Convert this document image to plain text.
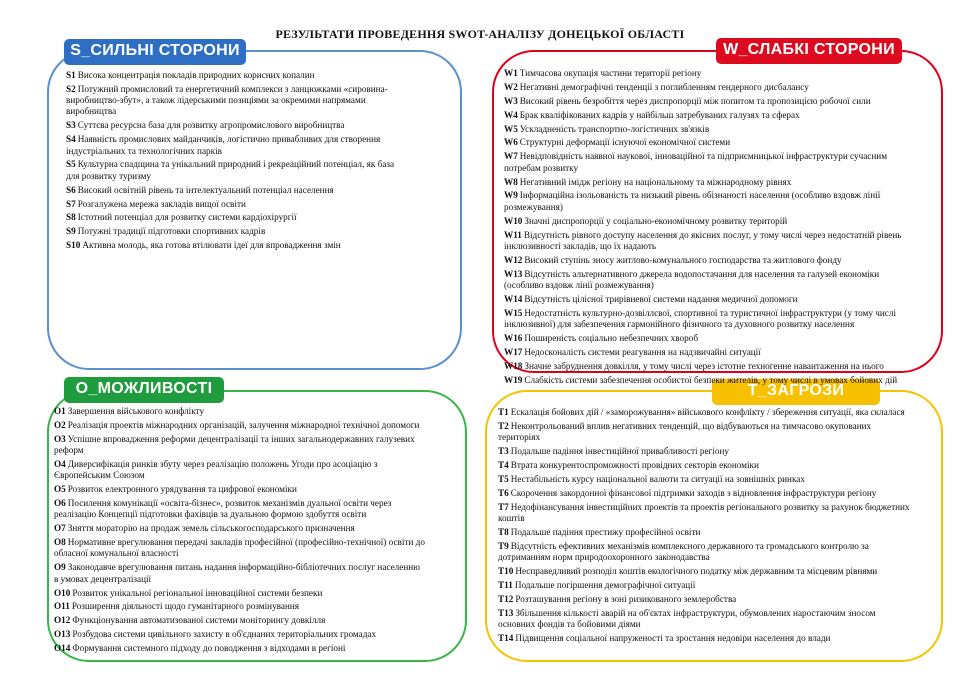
РЕЗУЛЬТАТИ ПРОВЕДЕННЯ SWOT-АНАЛІЗУ ДОНЕЦЬКОЇ ОБЛАСТІ
S_СИЛЬНІ СТОРОНИ	W_СЛАБКІ СТОРОНИ
O_МОЖЛИВОСТІ	T_ЗАГРОЗИ
S1 Висока концентрація покладів природних корисних копалин
S2 Потужний промисловий та енергетичний комплекси з ланцюжками «сировина-виробництво-збут», а також лідерськими позиціями за окремими напрямами виробництва
S3 Суттєва ресурсна база для розвитку агропромислового виробництва
S4 Наявність промислових майданчиків, логістично привабливих для створення індустріальних та технологічних парків
S5 Культурна спадщина та унікальний природний і рекреаційний потенціал, як база для розвитку туризму
S6 Високий освітній рівень та інтелектуальний потенціал населення
S7 Розгалужена мережа закладів вищої освіти
S8 Істотний потенціал для розвитку системи кардіохірургії
S9 Потужні традиції підготовки спортивних кадрів
S10 Активна молодь, яка готова втілювати ідеї для впровадження змін
W1 Тимчасова окупація частини території регіону
W2 Негативні демографічні тенденції з поглибленням гендерного дисбалансу
W3 Високий рівень безробіття через диспропорції між попитом та пропозицією робочої сили
W4 Брак кваліфікованих кадрів у найбільш затребуваних галузях та сферах
W5 Ускладненість транспортно-логістичних зв'язків
W6 Структурні деформації існуючої економічної системи
W7 Невідповідність наявної наукової, інноваційної та підприємницької інфраструктури сучасним потребам розвитку
W8 Негативний імідж регіону на національному та міжнародному рівнях
W9 Інформаційна ізольованість та низький рівень обізнаності населення (особливо вздовж лінії розмежування)
W10 Значні диспропорції у соціально-економічному розвитку територій
W11 Відсутність рівного доступу населення до якісних послуг, у тому числі через недостатній рівень інклюзивності закладів, що їх надають
W12 Високий ступінь зносу житлово-комунального господарства та житлового фонду
W13 Відсутність альтернативного джерела водопостачання для населення та галузей економіки (особливо вздовж лінії розмежування)
W14 Відсутність цілісної трирівневої системи надання медичної допомоги
W15 Недостатність культурно-дозвіллєвої, спортивної та туристичної інфраструктури (у тому числі інклюзивної) для забезпечення гармонійного фізичного та духовного розвитку населення
W16 Поширеність соціально небезпечних хвороб
W17 Недосконалість системи реагування на надзвичайні ситуації
W18 Значне забруднення довкілля, у тому числі через істотне техногенне навантаження на нього
W19 Слабкість системи забезпечення особистої безпеки жителів, у тому числі в умовах бойових дій
O1 Завершення військового конфлікту
O2 Реалізація проектів міжнародних організацій, залучення міжнародної технічної допомоги
O3 Успішне впровадження реформи децентралізації та інших загальнодержавних галузевих реформ
O4 Диверсифікація ринків збуту через реалізацію положень Угоди про асоціацію з Європейським Союзом
O5 Розвиток електронного урядування та цифрової економіки
O6 Посилення комунікації «освіта-бізнес», розвиток механізмів дуальної освіти через реалізацію Концепції підготовки фахівців за дуальною формою здобуття освіти
O7 Зняття мораторію на продаж земель сільськогосподарського призначення
O8 Нормативне врегулювання передачі закладів професійної (професійно-технічної) освіти до обласної комунальної власності
O9 Законодавче врегулювання питань надання інформаційно-бібліотечних послуг населенню в умовах децентралізації
O10 Розвиток унікальної регіональної інноваційної системи безпеки
O11 Розширення діяльності щодо гуманітарного розмінування
O12 Функціонування автоматизованої системи моніторингу довкілля
O13 Розбудова системи цивільного захисту в об'єднаних територіальних громадах
O14 Формування системного підходу до поводження з відходами в регіоні
T1 Ескалація бойових дій / «заморожування» військового конфлікту / збереження ситуації, яка склалася
T2 Неконтрольований вплив негативних тенденцій, що відбуваються на тимчасово окупованих територіях
T3 Подальше падіння інвестиційної привабливості регіону
T4 Втрата конкурентоспроможності провідних секторів економіки
T5 Нестабільність курсу національної валюти та ситуації на зовнішніх ринках
T6 Скорочення закордонної фінансової підтримки заходів з відновлення інфраструктури регіону
T7 Недофінансування інвестиційних проектів та проектів регіонального розвитку за рахунок бюджетних коштів
T8 Подальше падіння престижу професійної освіти
T9 Відсутність ефективних механізмів комплексного державного та громадського контролю за дотриманням норм природоохоронного законодавства
T10 Несправедливий розподіл коштів екологічного податку між державним та місцевим рівнями
T11 Подальше погіршення демографічної ситуації
T12 Розташування регіону в зоні ризикованого землеробства
T13 Збільшення кількості аварій на об'єктах інфраструктури, обумовлених наростаючим зносом основних фондів та бойовими діями
T14 Підвищення соціальної напруженості та зростання недовіри населення до влади
